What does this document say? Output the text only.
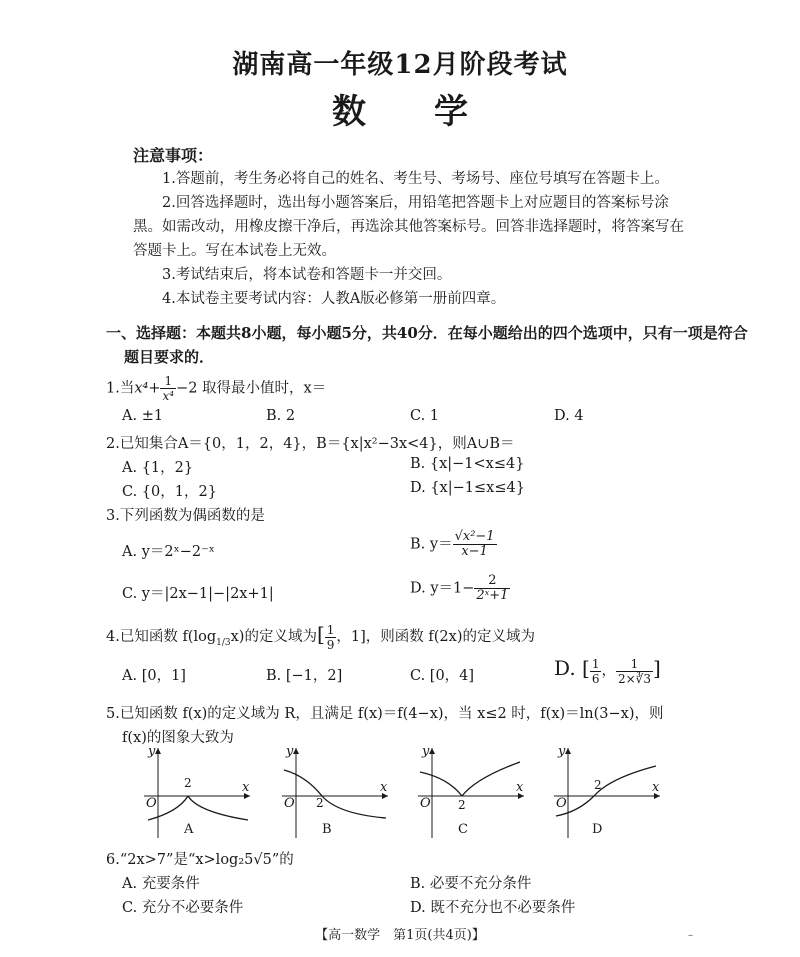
湖南高一年级12月阶段考试
数　　学
注意事项：
1.答题前，考生务必将自己的姓名、考生号、考场号、座位号填写在答题卡上。
2.回答选择题时，选出每小题答案后，用铅笔把答题卡上对应题目的答案标号涂
黑。如需改动，用橡皮擦干净后，再选涂其他答案标号。回答非选择题时，将答案写在
答题卡上。写在本试卷上无效。
3.考试结束后，将本试卷和答题卡一并交回。
4.本试卷主要考试内容：人教A版必修第一册前四章。
一、选择题：本题共8小题，每小题5分，共40分．在每小题给出的四个选项中，只有一项是符合
题目要求的．
1.当$x^4+ \frac{1}{\text{x⁴}} -2$ 取得最小值时，x＝
A. ±1	B. 2	C. 1	D. 4
2.已知集合A＝{0，1，2，4}，B＝{x|x²−3x<4}，则A∪B＝
A. {1，2}	B. {x|−1<x≤4}
C. {0，1，2}	D. {x|−1≤x≤4}
3.下列函数为偶函数的是
A. y＝2ˣ−2⁻ˣ	B. $y= \frac{\text{√x²−1}}{x-1}$
C. y＝|2x−1|−|2x+1|	D. $y=1- \frac{2}{\text{2ˣ+1}}$
4.已知函数 $f(\log_{1/3}x)$的定义域为[ $\frac{1}{9}$ ，1]，则函数 f(2x)的定义域为
A. [0，1]	B. [−1，2]	C. [0，4]	D. [ $\frac{1}{6}$ ， $\frac{1}{2\times∛3}$ ]
5.已知函数 f(x)的定义域为 R，且满足 f(x)＝f(4−x)，当 x≤2 时，f(x)＝ln(3−x)，则
f(x)的图象大致为
y
x
O
2
A
y
x
O 2
B
y
x
O 2
C
y
x
O
2
D
6.“2x>7”是“x>log₂5√5”的
A. 充要条件	B. 必要不充分条件
C. 充分不必要条件	D. 既不充分也不必要条件
【高一数学　第1页(共4页)】	–
